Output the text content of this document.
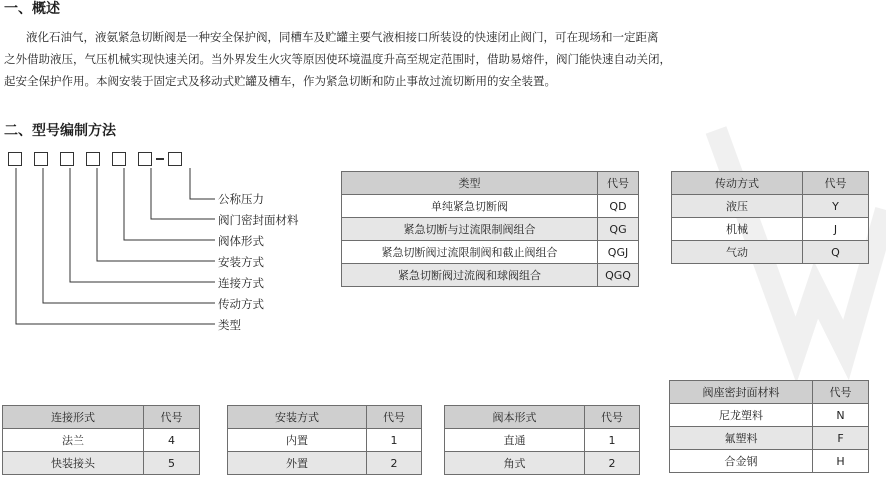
一、概述
液化石油气，液氨紧急切断阀是一种安全保护阀，同槽车及贮罐主要气液相接口所装设的快速闭止阀门，可在现场和一定距离
之外借助液压，气压机械实现快速关闭。当外界发生火灾等原因使环境温度升高至规定范围时，借助易熔件，阀门能快速自动关闭，
起安全保护作用。本阀安装于固定式及移动式贮罐及槽车，作为紧急切断和防止事故过流切断用的安全装置。
二、型号编制方法
公称压力
阀门密封面材料
阀体形式
安装方式
连接方式
传动方式
类型
类型	代号
单纯紧急切断阀	QD
紧急切断与过流限制阀组合	QG
紧急切断阀过流限制阀和截止阀组合	QGJ
紧急切断阀过流阀和球阀组合	QGQ
传动方式	代号
液压	Y
机械	J
气动	Q
连接形式	代号
法兰	4
快装接头	5
安装方式	代号
内置	1
外置	2
阀本形式	代号
直通	1
角式	2
阀座密封面材料	代号
尼龙塑料	N
氟塑料	F
合金钢	H
